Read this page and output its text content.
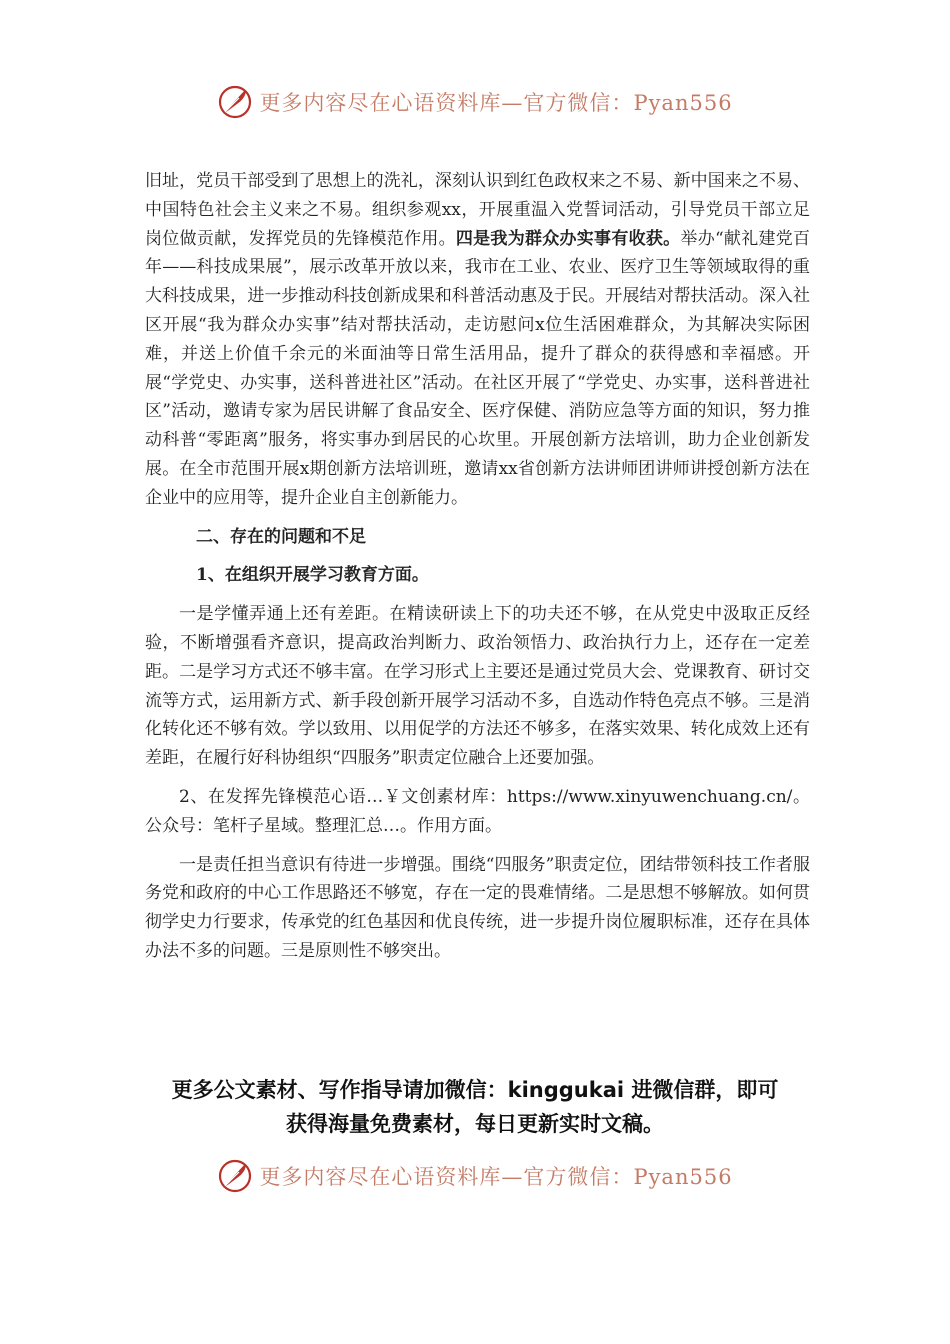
更多内容尽在心语资料库—官方微信：Pyan556

旧址，党员干部受到了思想上的洗礼，深刻认识到红色政权来之不易、新中国来之不易、中国特色社会主义来之不易。组织参观xx，开展重温入党誓词活动，引导党员干部立足岗位做贡献，发挥党员的先锋模范作用。四是我为群众办实事有收获。举办“献礼建党百年——科技成果展”，展示改革开放以来，我市在工业、农业、医疗卫生等领域取得的重大科技成果，进一步推动科技创新成果和科普活动惠及于民。开展结对帮扶活动。深入社区开展“我为群众办实事”结对帮扶活动，走访慰问x位生活困难群众，为其解决实际困难，并送上价值千余元的米面油等日常生活用品，提升了群众的获得感和幸福感。开展“学党史、办实事，送科普进社区”活动。在社区开展了“学党史、办实事，送科普进社区”活动，邀请专家为居民讲解了食品安全、医疗保健、消防应急等方面的知识，努力推动科普“零距离”服务，将实事办到居民的心坎里。开展创新方法培训，助力企业创新发展。在全市范围开展x期创新方法培训班，邀请xx省创新方法讲师团讲师讲授创新方法在企业中的应用等，提升企业自主创新能力。

二、存在的问题和不足

1、在组织开展学习教育方面。

一是学懂弄通上还有差距。在精读研读上下的功夫还不够，在从党史中汲取正反经验，不断增强看齐意识，提高政治判断力、政治领悟力、政治执行力上，还存在一定差距。二是学习方式还不够丰富。在学习形式上主要还是通过党员大会、党课教育、研讨交流等方式，运用新方式、新手段创新开展学习活动不多，自选动作特色亮点不够。三是消化转化还不够有效。学以致用、以用促学的方法还不够多，在落实效果、转化成效上还有差距，在履行好科协组织“四服务”职责定位融合上还要加强。

2、在发挥先锋模范心语…￥文创素材库：https://www.xinyuwenchuang.cn/。公众号：笔杆子星域。整理汇总…。作用方面。

一是责任担当意识有待进一步增强。围绕“四服务”职责定位，团结带领科技工作者服务党和政府的中心工作思路还不够宽，存在一定的畏难情绪。二是思想不够解放。如何贯彻学史力行要求，传承党的红色基因和优良传统，进一步提升岗位履职标准，还存在具体办法不多的问题。三是原则性不够突出。

更多公文素材、写作指导请加微信：kinggukai 进微信群，即可
获得海量免费素材，每日更新实时文稿。
更多内容尽在心语资料库—官方微信：Pyan556
